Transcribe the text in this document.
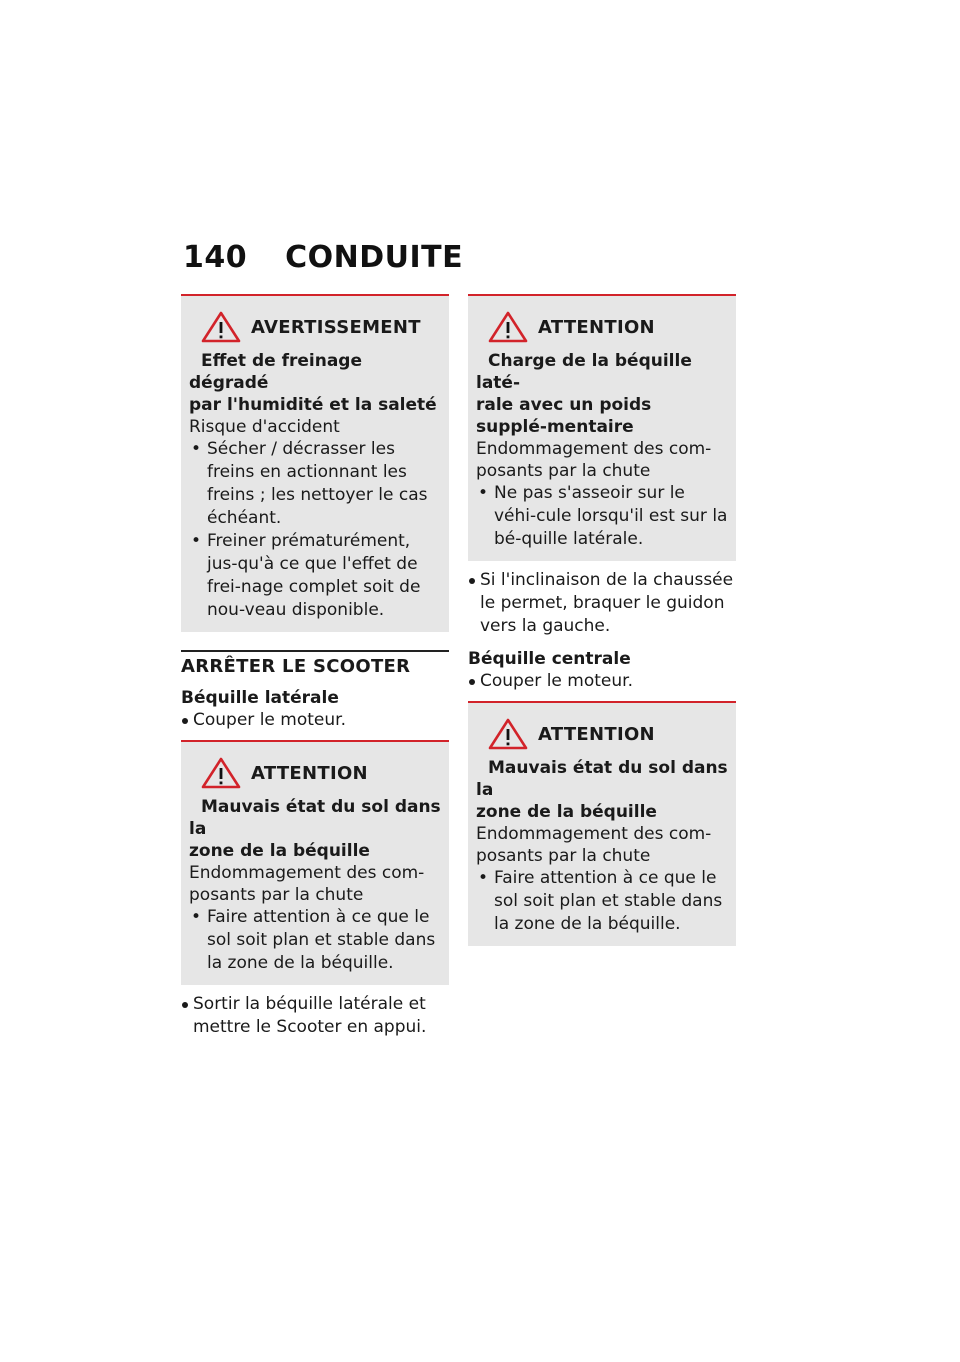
140 CONDUITE
AVERTISSEMENT
Effet de freinage dégradé
par l'humidité et la saleté
Risque d'accident
• Sécher / décrasser les freins en actionnant les freins ; les nettoyer le cas échéant.
• Freiner prématurément, jus-qu'à ce que l'effet de frei-nage complet soit de nou-veau disponible.
ARRÊTER LE SCOOTER
Béquille latérale
Couper le moteur.
ATTENTION
Mauvais état du sol dans la
zone de la béquille
Endommagement des com-posants par la chute
• Faire attention à ce que le sol soit plan et stable dans la zone de la béquille.
Sortir la béquille latérale et mettre le Scooter en appui.
ATTENTION
Charge de la béquille laté-
rale avec un poids supplé-mentaire
Endommagement des com-posants par la chute
• Ne pas s'asseoir sur le véhi-cule lorsqu'il est sur la bé-quille latérale.
Si l'inclinaison de la chaussée le permet, braquer le guidon vers la gauche.
Béquille centrale
Couper le moteur.
ATTENTION
Mauvais état du sol dans la
zone de la béquille
Endommagement des com-posants par la chute
• Faire attention à ce que le sol soit plan et stable dans la zone de la béquille.
